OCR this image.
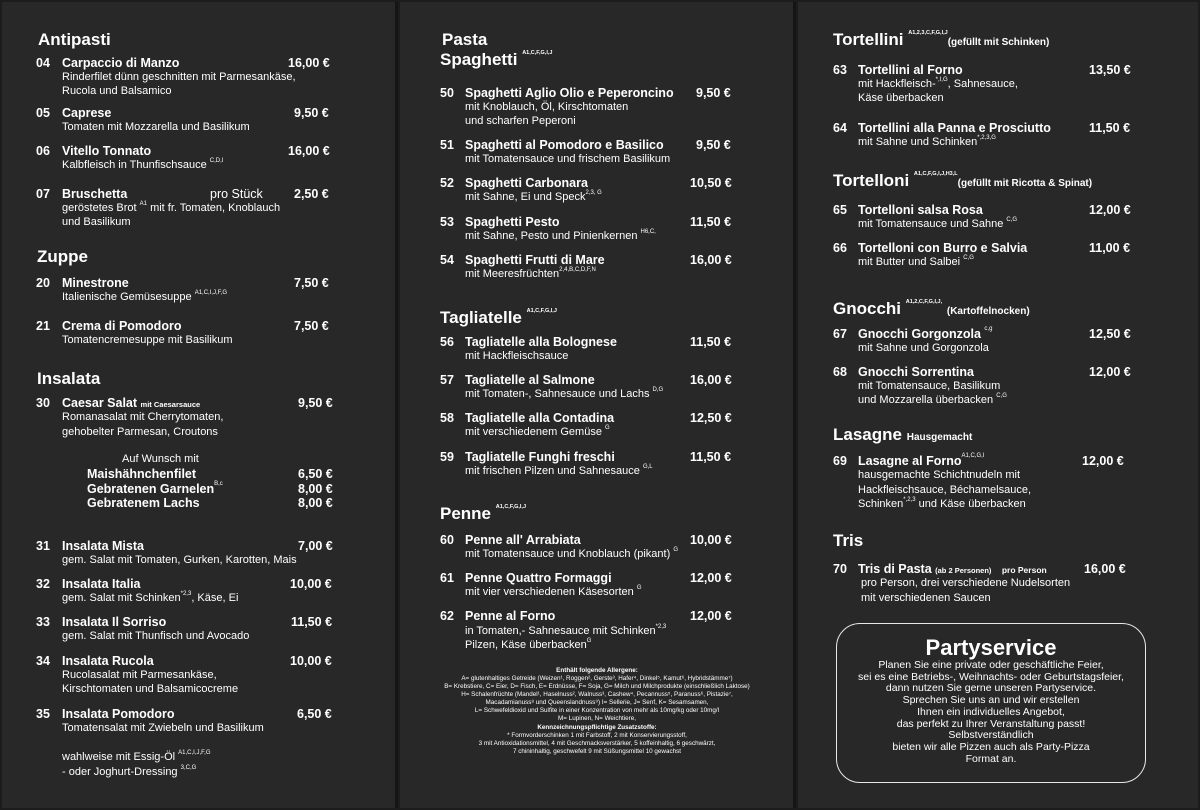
Antipasti
04 Carpaccio di Manzo	16,00 €
Rinderfilet dünn geschnitten mit Parmesankäse,
Rucola und Balsamico
05 Caprese	9,50 €
Tomaten mit Mozzarella und Basilikum
06 Vitello Tonnato	16,00 €
Kalbfleisch in Thunfischsauce $^{C,D,I}$
07 Bruschetta	pro Stück 2,50 €
geröstetes Brot $^{A1}$ mit fr. Tomaten, Knoblauch
und Basilikum
Zuppe
20 Minestrone	7,50 €
Italienische Gemüsesuppe $^{A1,C,I,J,F,G}$
21 Crema di Pomodoro	7,50 €
Tomatencremesuppe mit Basilikum
Insalata
30 Caesar Salat mit Caesarsauce	9,50 €
Romanasalat mit Cherrytomaten,
gehobelter Parmesan, Croutons
Auf Wunsch mit
Maishähnchenfilet	6,50 €
Gebratenen Garnelen$^{B,c}$	8,00 €
Gebratenem Lachs	8,00 €
31 Insalata Mista	7,00 €
gem. Salat mit Tomaten, Gurken, Karotten, Mais
32 Insalata Italia	10,00 €
gem. Salat mit Schinken$^{*2,3}$, Käse, Ei
33 Insalata Il Sorriso	11,50 €
gem. Salat mit Thunfisch und Avocado
34 Insalata Rucola	10,00 €
Rucolasalat mit Parmesankäse,
Kirschtomaten und Balsamicocreme
35 Insalata Pomodoro	6,50 €
Tomatensalat mit Zwiebeln und Basilikum
wahlweise mit Essig-Öl $^{A1,C,I,J,F,G}$
- oder Joghurt-Dressing $^{3,C,G}$
Pasta
Spaghetti $^{A1,C,F,G,I,J}$
50 Spaghetti Aglio Olio e Peperoncino 9,50 €
mit Knoblauch, Öl, Kirschtomaten
und scharfen Peperoni
51 Spaghetti al Pomodoro e Basilico	9,50 €
mit Tomatensauce und frischem Basilikum
52 Spaghetti Carbonara	10,50 €
mit Sahne, Ei und Speck$^{2,3, G}$
53 Spaghetti Pesto	11,50 €
mit Sahne, Pesto und Pinienkernen $^{H6,C,}$
54 Spaghetti Frutti di Mare	16,00 €
mit Meeresfrüchten$^{2,4,B,C,D,F,N}$
Tagliatelle $^{A1,C,F,G,I,J}$
56 Tagliatelle alla Bolognese	11,50 €
mit Hackfleischsauce
57 Tagliatelle al Salmone	16,00 €
mit Tomaten-, Sahnesauce und Lachs $^{D,G}$
58 Tagliatelle alla Contadina	12,50 €
mit verschiedenem Gemüse $^G$
59 Tagliatelle Funghi freschi	11,50 €
mit frischen Pilzen und Sahnesauce $^{G,L}$
Penne $^{A1,C,F,G,I,J}$
60 Penne all' Arrabiata	10,00 €
mit Tomatensauce und Knoblauch (pikant) $^G$
61 Penne Quattro Formaggi	12,00 €
mit vier verschiedenen Käsesorten $^G$
62 Penne al Forno	12,00 €
in Tomaten,- Sahnesauce mit Schinken$^{*2,3}$
Pilzen, Käse überbacken$^G$
Enthält folgende Allergene:
A= glutenhaltiges Getreide (Weizen¹, Roggen², Gerste³, Hafer⁴, Dinkel⁵, Kamut⁶, Hybridstämme⁷)
B= Krebstiere, C= Eier, D= Fisch, E= Erdnüsse, F= Soja, G= Milch und Milchprodukte (einschließlich Laktose)
H= Schalenfrüchte (Mandel¹, Haselnuss², Walnuss³, Cashew⁴, Pecannuss⁵, Paranuss⁶, Pistazie⁷,
Macadamianuss⁸ und Queenslandnuss⁹) I= Sellerie, J= Senf, K= Sesamsamen,
L= Schwefeldioxid und Sulfite in einer Konzentration von mehr als 10mg/kg oder 10mg/l
M= Lupinen, N= Weichtiere,
Kennzeichnungspflichtige Zusatzstoffe:
* Formvorderschinken 1 mit Farbstoff, 2 mit Konservierungsstoff,
3 mit Antioxidationsmittel, 4 mit Geschmacksverstärker, 5 koffeinhaltig, 6 geschwärzt,
7 chininhaltig, geschwefelt 9 mit Süßungsmittel 10 gewachst
Tortellini $^{A1,2,3,C,F,G,I,J}$(gefüllt mit Schinken)
63 Tortellini al Forno	13,50 €
mit Hackfleisch-$^{*,I,G}$, Sahnesauce,
Käse überbacken
64 Tortellini alla Panna e Prosciutto	11,50 €
mit Sahne und Schinken$^{*,2,3,G}$
Tortelloni $^{A1,C,F,G,I,J,H3,L}$(gefüllt mit Ricotta & Spinat)
65 Tortelloni salsa Rosa	12,00 €
mit Tomatensauce und Sahne $^{C,G}$
66 Tortelloni con Burro e Salvia	11,00 €
mit Butter und Salbei $^{C,G}$
Gnocchi $^{A1,2,C,F,G,I,J,}$ (Kartoffelnocken)
67 Gnocchi Gorgonzola $^{c,g}$	12,50 €
mit Sahne und Gorgonzola
68 Gnocchi Sorrentina	12,00 €
mit Tomatensauce, Basilikum
und Mozzarella überbacken $^{C,G}$
Lasagne Hausgemacht
69 Lasagne al Forno$^{A1,C,G,I}$	12,00 €
hausgemachte Schichtnudeln mit
Hackfleischsauce, Béchamelsauce,
Schinken$^{*,2,3}$ und Käse überbacken
Tris
70 Tris di Pasta (ab 2 Personen) pro Person	16,00 €
pro Person, drei verschiedene Nudelsorten
mit verschiedenen Saucen
Partyservice
Planen Sie eine private oder geschäftliche Feier,
sei es eine Betriebs-, Weihnachts- oder Geburtstagsfeier,
dann nutzen Sie gerne unseren Partyservice.
Sprechen Sie uns an und wir erstellen
Ihnen ein individuelles Angebot,
das perfekt zu Ihrer Veranstaltung passt!
Selbstverständlich
bieten wir alle Pizzen auch als Party-Pizza
Format an.
